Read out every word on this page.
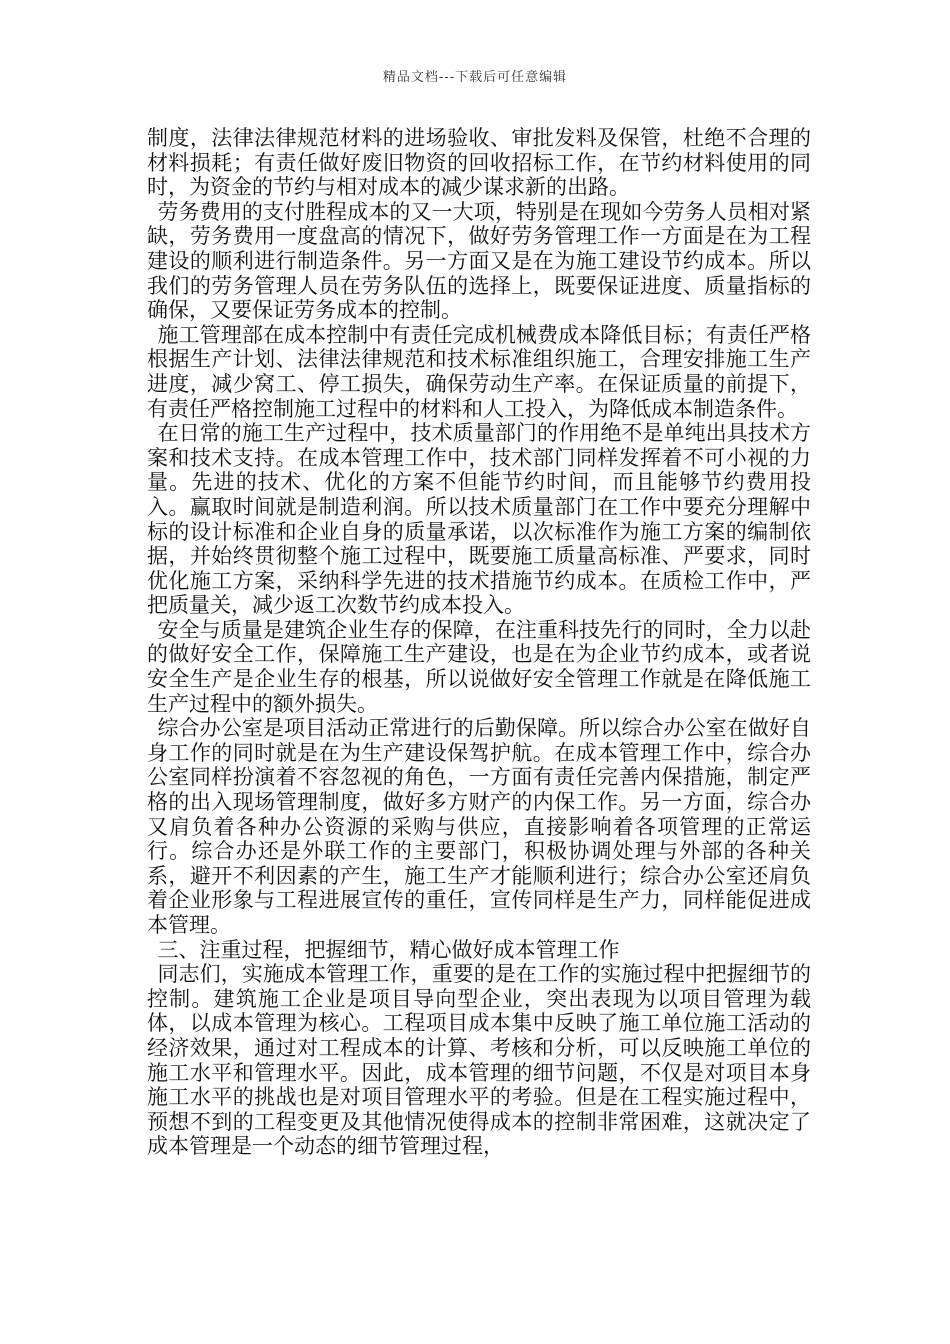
精品文档---下载后可任意编辑

制度，法律法律规范材料的进场验收、审批发料及保管，杜绝不合理的材料损耗；有责任做好废旧物资的回收招标工作，在节约材料使用的同时，为资金的节约与相对成本的减少谋求新的出路。

劳务费用的支付胜程成本的又一大项，特别是在现如今劳务人员相对紧缺，劳务费用一度盘高的情况下，做好劳务管理工作一方面是在为工程建设的顺利进行制造条件。另一方面又是在为施工建设节约成本。所以我们的劳务管理人员在劳务队伍的选择上，既要保证进度、质量指标的确保，又要保证劳务成本的控制。

施工管理部在成本控制中有责任完成机械费成本降低目标；有责任严格根据生产计划、法律法律规范和技术标准组织施工，合理安排施工生产进度，减少窝工、停工损失，确保劳动生产率。在保证质量的前提下，有责任严格控制施工过程中的材料和人工投入，为降低成本制造条件。

在日常的施工生产过程中，技术质量部门的作用绝不是单纯出具技术方案和技术支持。在成本管理工作中，技术部门同样发挥着不可小视的力量。先进的技术、优化的方案不但能节约时间，而且能够节约费用投入。赢取时间就是制造利润。所以技术质量部门在工作中要充分理解中标的设计标准和企业自身的质量承诺，以次标准作为施工方案的编制依据，并始终贯彻整个施工过程中，既要施工质量高标准、严要求，同时优化施工方案，采纳科学先进的技术措施节约成本。在质检工作中，严把质量关，减少返工次数节约成本投入。

安全与质量是建筑企业生存的保障，在注重科技先行的同时，全力以赴的做好安全工作，保障施工生产建设，也是在为企业节约成本，或者说安全生产是企业生存的根基，所以说做好安全管理工作就是在降低施工生产过程中的额外损失。

综合办公室是项目活动正常进行的后勤保障。所以综合办公室在做好自身工作的同时就是在为生产建设保驾护航。在成本管理工作中，综合办公室同样扮演着不容忽视的角色，一方面有责任完善内保措施，制定严格的出入现场管理制度，做好多方财产的内保工作。另一方面，综合办又肩负着各种办公资源的采购与供应，直接影响着各项管理的正常运行。综合办还是外联工作的主要部门，积极协调处理与外部的各种关系，避开不利因素的产生，施工生产才能顺利进行；综合办公室还肩负着企业形象与工程进展宣传的重任，宣传同样是生产力，同样能促进成本管理。

三、注重过程，把握细节，精心做好成本管理工作

同志们，实施成本管理工作，重要的是在工作的实施过程中把握细节的控制。建筑施工企业是项目导向型企业，突出表现为以项目管理为载体，以成本管理为核心。工程项目成本集中反映了施工单位施工活动的经济效果，通过对工程成本的计算、考核和分析，可以反映施工单位的施工水平和管理水平。因此，成本管理的细节问题，不仅是对项目本身施工水平的挑战也是对项目管理水平的考验。但是在工程实施过程中，预想不到的工程变更及其他情况使得成本的控制非常困难，这就决定了成本管理是一个动态的细节管理过程，
